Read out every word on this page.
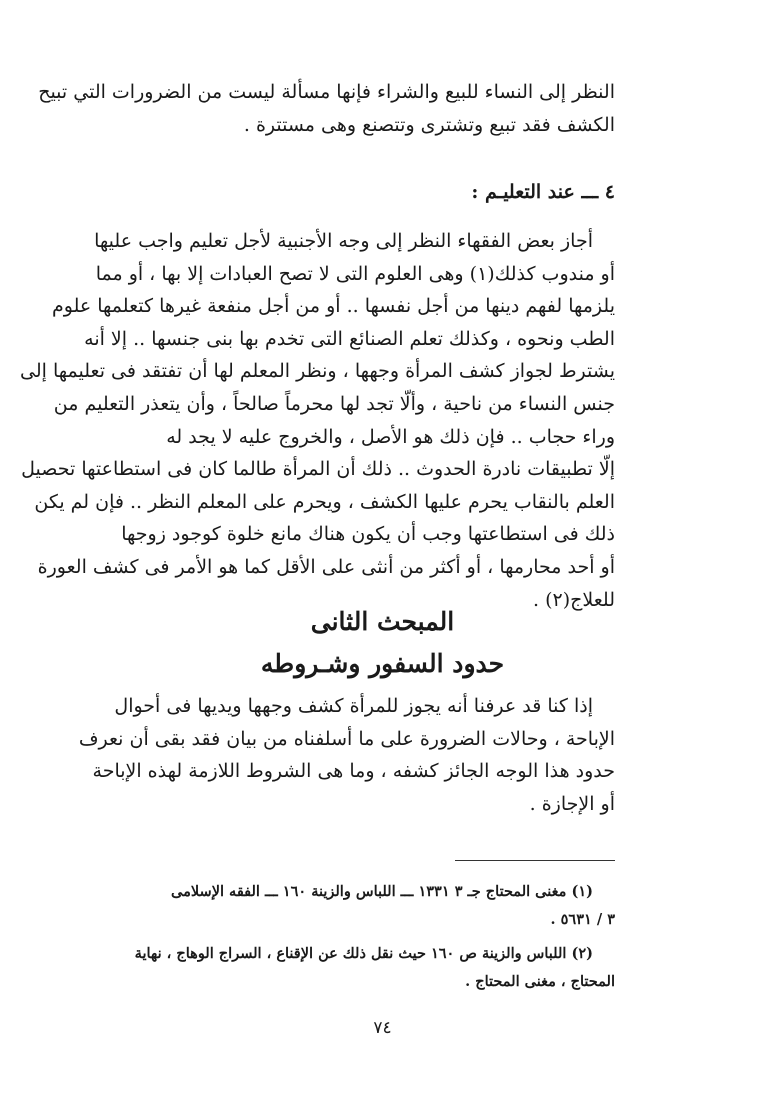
النظر إلى النساء للبيع والشراء فإنها مسألة ليست من الضرورات التي تبيح
الكشف فقد تبيع وتشترى وتتصنع وهى مستترة .
٤ ـــ عند التعليـم :
أجاز بعض الفقهاء النظر إلى وجه الأجنبية لأجل تعليم واجب عليها
أو مندوب كذلك(١) وهى العلوم التى لا تصح العبادات إلا بها ، أو مما
يلزمها لفهم دينها من أجل نفسها .. أو من أجل منفعة غيرها كتعلمها علوم
الطب ونحوه ، وكذلك تعلم الصنائع التى تخدم بها بنى جنسها .. إلا أنه
يشترط لجواز كشف المرأة وجهها ، ونظر المعلم لها أن تفتقد فى تعليمها إلى
جنس النساء من ناحية ، وألّا تجد لها محرماً صالحاً ، وأن يتعذر التعليم من
وراء حجاب .. فإن ذلك هو الأصل ، والخروج عليه لا يجد له
إلّا تطبيقات نادرة الحدوث .. ذلك أن المرأة طالما كان فى استطاعتها تحصيل
العلم بالنقاب يحرم عليها الكشف ، ويحرم على المعلم النظر .. فإن لم يكن
ذلك فى استطاعتها وجب أن يكون هناك مانع خلوة كوجود زوجها
أو أحد محارمها ، أو أكثر من أنثى على الأقل كما هو الأمر فى كشف العورة
للعلاج(٢) .
المبحث الثانى
حدود السفور وشـروطه
إذا كنا قد عرفنا أنه يجوز للمرأة كشف وجهها ويديها فى أحوال
الإباحة ، وحالات الضرورة على ما أسلفناه من بيان فقد بقى أن نعرف
حدود هذا الوجه الجائز كشفه ، وما هى الشروط اللازمة لهذه الإباحة
أو الإجازة .
(١) مغنى المحتاج جـ ٣ ١٣٣١ ـــ اللباس والزينة ١٦٠ ـــ الفقه الإسلامى
٣ / ٥٦٣١ .
(٢) اللباس والزينة ص ١٦٠ حيث نقل ذلك عن الإقناع ، السراج الوهاج ، نهاية
المحتاج ، مغنى المحتاج .
٧٤
